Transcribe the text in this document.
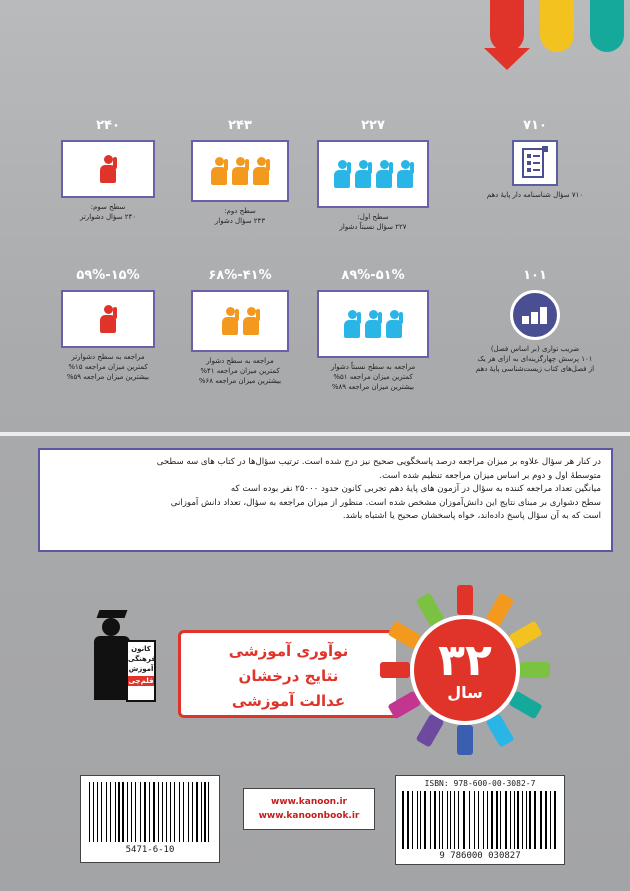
۷۱۰
۷۱۰ سؤال شناسنامه دار پایهٔ دهم
۲۲۷
سطح اول:
۲۲۷ سؤال نسبتاً دشوار
۲۴۳
سطح دوم:
۲۴۳ سؤال دشوار
۲۴۰
سطح سوم:
۲۴۰ سؤال دشوارتر
۱۰۱
ضریب تواری (بر اساس فصل)
۱۰۱ پرسش چهارگزینه‌ای به ازای هر یک
از فصل‌های کتاب زیست‌شناسی پایهٔ دهم
۵۱%-۸۹%
مراجعه به سطح نسبتاً دشوار
کمترین میزان مراجعه ۵۱%
بیشترین میزان مراجعه ۸۹%
۴۱%-۶۸%
مراجعه به سطح دشوار
کمترین میزان مراجعه ۴۱%
بیشترین میزان مراجعه ۶۸%
۱۵%-۵۹%
مراجعه به سطح دشوارتر
کمترین میزان مراجعه ۱۵%
بیشترین میزان مراجعه ۵۹%
در کنار هر سؤال علاوه بر میزان مراجعه درصد پاسخگویی صحیح نیز درج شده است. ترتیب سؤال‌ها در کتاب های سه سطحی
متوسطهٔ اول و دوم بر اساس میزان مراجعه تنظیم شده است.
میانگین تعداد مراجعه کننده به سؤال در آزمون های پایهٔ دهم تجربی کانون حدود ۲۵۰۰۰ نفر بوده است که
سطح دشواری بر مبنای نتایج این دانش‌آموزان مشخص شده است. منظور از میزان مراجعه به سؤال، تعداد دانش آموزانی
است که به آن سؤال پاسخ داده‌اند، خواه پاسخشان صحیح یا اشتباه باشد.
کانون
فرهنگی
آموزش
قلم‌چی
نوآوری آموزشی
نتایج درخشان
عدالت آموزشی
۳۲
سال
5471-6-10
www.kanoon.ir
www.kanoonbook.ir
ISBN: 978-600-00-3082-7
9 786000 030827
